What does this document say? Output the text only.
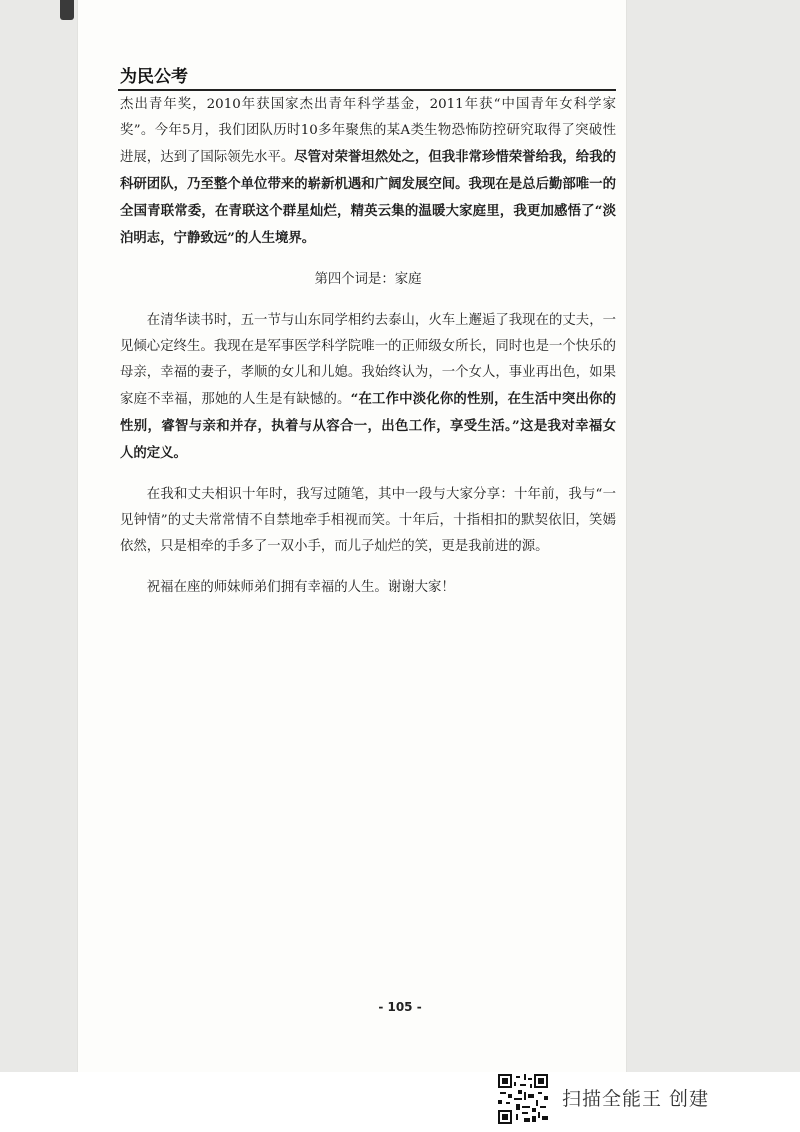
为民公考

杰出青年奖，2010年获国家杰出青年科学基金，2011年获“中国青年女科学家奖”。今年5月，我们团队历时10多年聚焦的某A类生物恐怖防控研究取得了突破性进展，达到了国际领先水平。尽管对荣誉坦然处之，但我非常珍惜荣誉给我，给我的科研团队，乃至整个单位带来的崭新机遇和广阔发展空间。我现在是总后勤部唯一的全国青联常委，在青联这个群星灿烂，精英云集的温暖大家庭里，我更加感悟了“淡泊明志，宁静致远”的人生境界。

第四个词是：家庭

在清华读书时，五一节与山东同学相约去泰山，火车上邂逅了我现在的丈夫，一见倾心定终生。我现在是军事医学科学院唯一的正师级女所长，同时也是一个快乐的母亲，幸福的妻子，孝顺的女儿和儿媳。我始终认为，一个女人，事业再出色，如果家庭不幸福，那她的人生是有缺憾的。“在工作中淡化你的性别，在生活中突出你的性别，睿智与亲和并存，执着与从容合一，出色工作，享受生活。”这是我对幸福女人的定义。

在我和丈夫相识十年时，我写过随笔，其中一段与大家分享：十年前，我与“一见钟情”的丈夫常常情不自禁地牵手相视而笑。十年后，十指相扣的默契依旧，笑嫣依然，只是相牵的手多了一双小手，而儿子灿烂的笑，更是我前进的源。

祝福在座的师妹师弟们拥有幸福的人生。谢谢大家！

- 105 -
扫描全能王 创建
